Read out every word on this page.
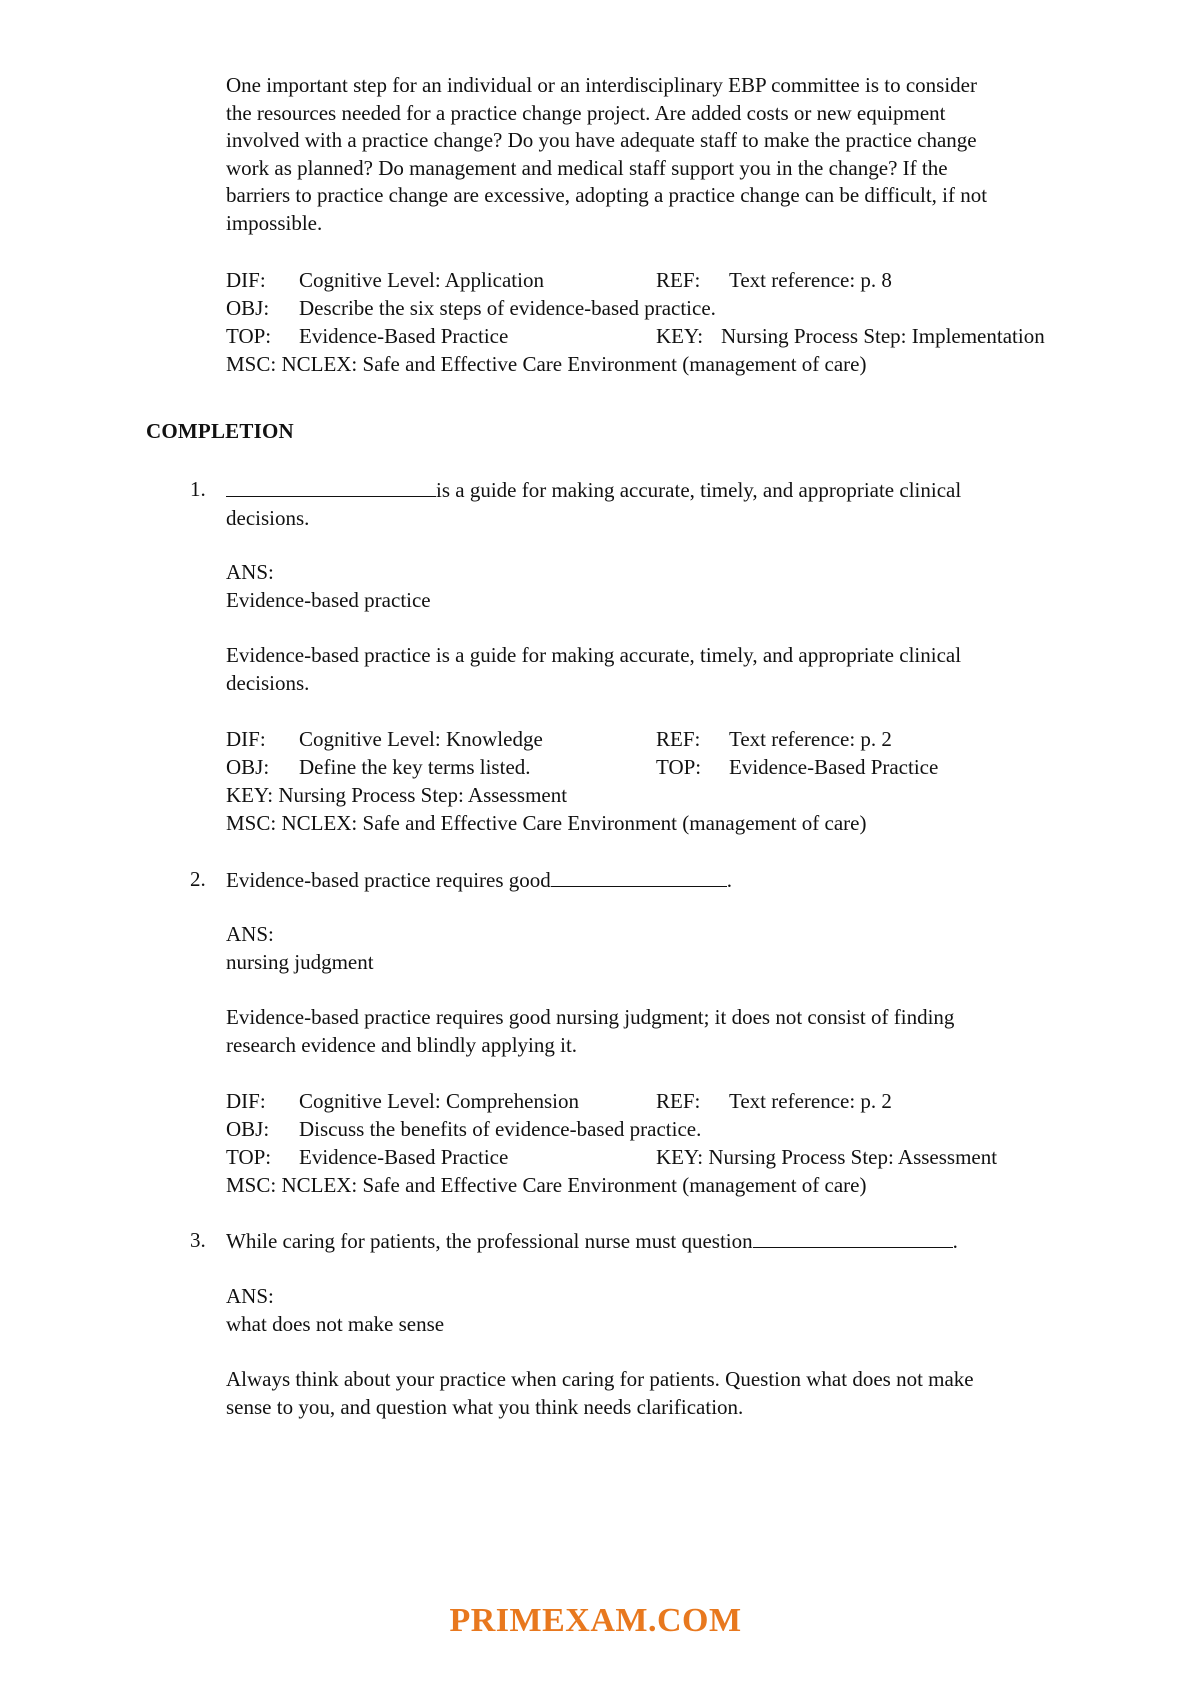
One important step for an individual or an interdisciplinary EBP committee is to consider
the resources needed for a practice change project. Are added costs or new equipment
involved with a practice change? Do you have adequate staff to make the practice change
work as planned? Do management and medical staff support you in the change? If the
barriers to practice change are excessive, adopting a practice change can be difficult, if not
impossible.
DIF: Cognitive Level: Application	REF: Text reference: p. 8
OBJ: Describe the six steps of evidence-based practice.
TOP: Evidence-Based Practice	KEY: Nursing Process Step: Implementation
MSC: NCLEX: Safe and Effective Care Environment (management of care)
COMPLETION
1.	is a guide for making accurate, timely, and appropriate clinical
decisions.
ANS:
Evidence-based practice
Evidence-based practice is a guide for making accurate, timely, and appropriate clinical
decisions.
DIF: Cognitive Level: Knowledge	REF: Text reference: p. 2
OBJ: Define the key terms listed.	TOP: Evidence-Based Practice
KEY: Nursing Process Step: Assessment
MSC: NCLEX: Safe and Effective Care Environment (management of care)
2. Evidence-based practice requires good	.
ANS:
nursing judgment
Evidence-based practice requires good nursing judgment; it does not consist of finding
research evidence and blindly applying it.
DIF: Cognitive Level: Comprehension	REF: Text reference: p. 2
OBJ: Discuss the benefits of evidence-based practice.
TOP: Evidence-Based Practice	KEY: Nursing Process Step: Assessment
MSC: NCLEX: Safe and Effective Care Environment (management of care)
3. While caring for patients, the professional nurse must question	.
ANS:
what does not make sense
Always think about your practice when caring for patients. Question what does not make
sense to you, and question what you think needs clarification.
PRIMEXAM.COM
